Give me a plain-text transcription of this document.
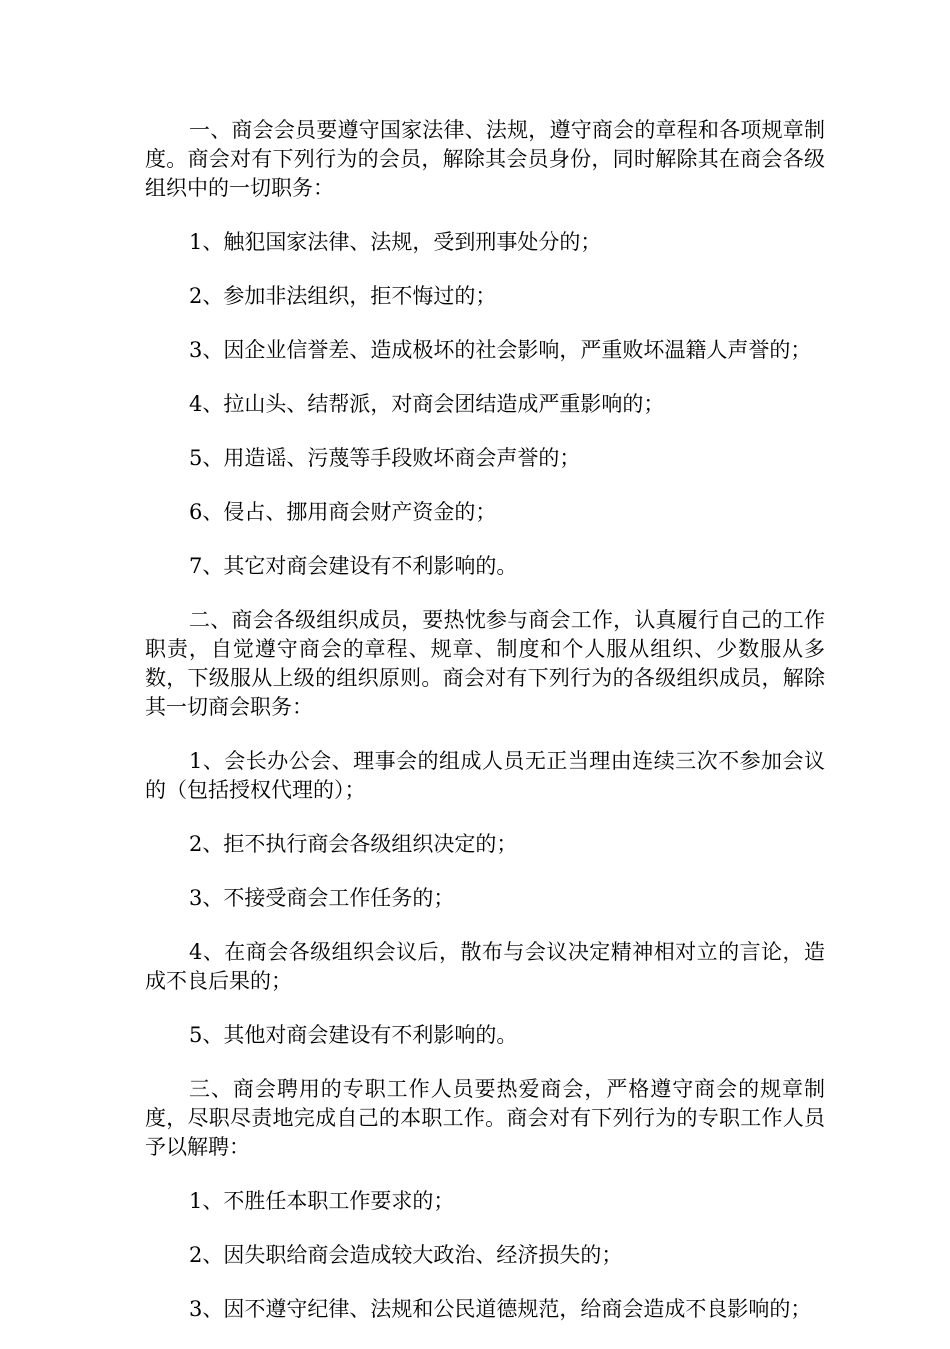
一、商会会员要遵守国家法律、法规，遵守商会的章程和各项规章制度。商会对有下列行为的会员，解除其会员身份，同时解除其在商会各级组织中的一切职务：

1、触犯国家法律、法规，受到刑事处分的；

2、参加非法组织，拒不悔过的；

3、因企业信誉差、造成极坏的社会影响，严重败坏温籍人声誉的；

4、拉山头、结帮派，对商会团结造成严重影响的；

5、用造谣、污蔑等手段败坏商会声誉的；

6、侵占、挪用商会财产资金的；

7、其它对商会建设有不利影响的。

二、商会各级组织成员，要热忱参与商会工作，认真履行自己的工作职责，自觉遵守商会的章程、规章、制度和个人服从组织、少数服从多数，下级服从上级的组织原则。商会对有下列行为的各级组织成员，解除其一切商会职务：

1、会长办公会、理事会的组成人员无正当理由连续三次不参加会议的（包括授权代理的）；

2、拒不执行商会各级组织决定的；

3、不接受商会工作任务的；

4、在商会各级组织会议后，散布与会议决定精神相对立的言论，造成不良后果的；

5、其他对商会建设有不利影响的。

三、商会聘用的专职工作人员要热爱商会，严格遵守商会的规章制度，尽职尽责地完成自己的本职工作。商会对有下列行为的专职工作人员予以解聘：

1、不胜任本职工作要求的；

2、因失职给商会造成较大政治、经济损失的；

3、因不遵守纪律、法规和公民道德规范，给商会造成不良影响的；
